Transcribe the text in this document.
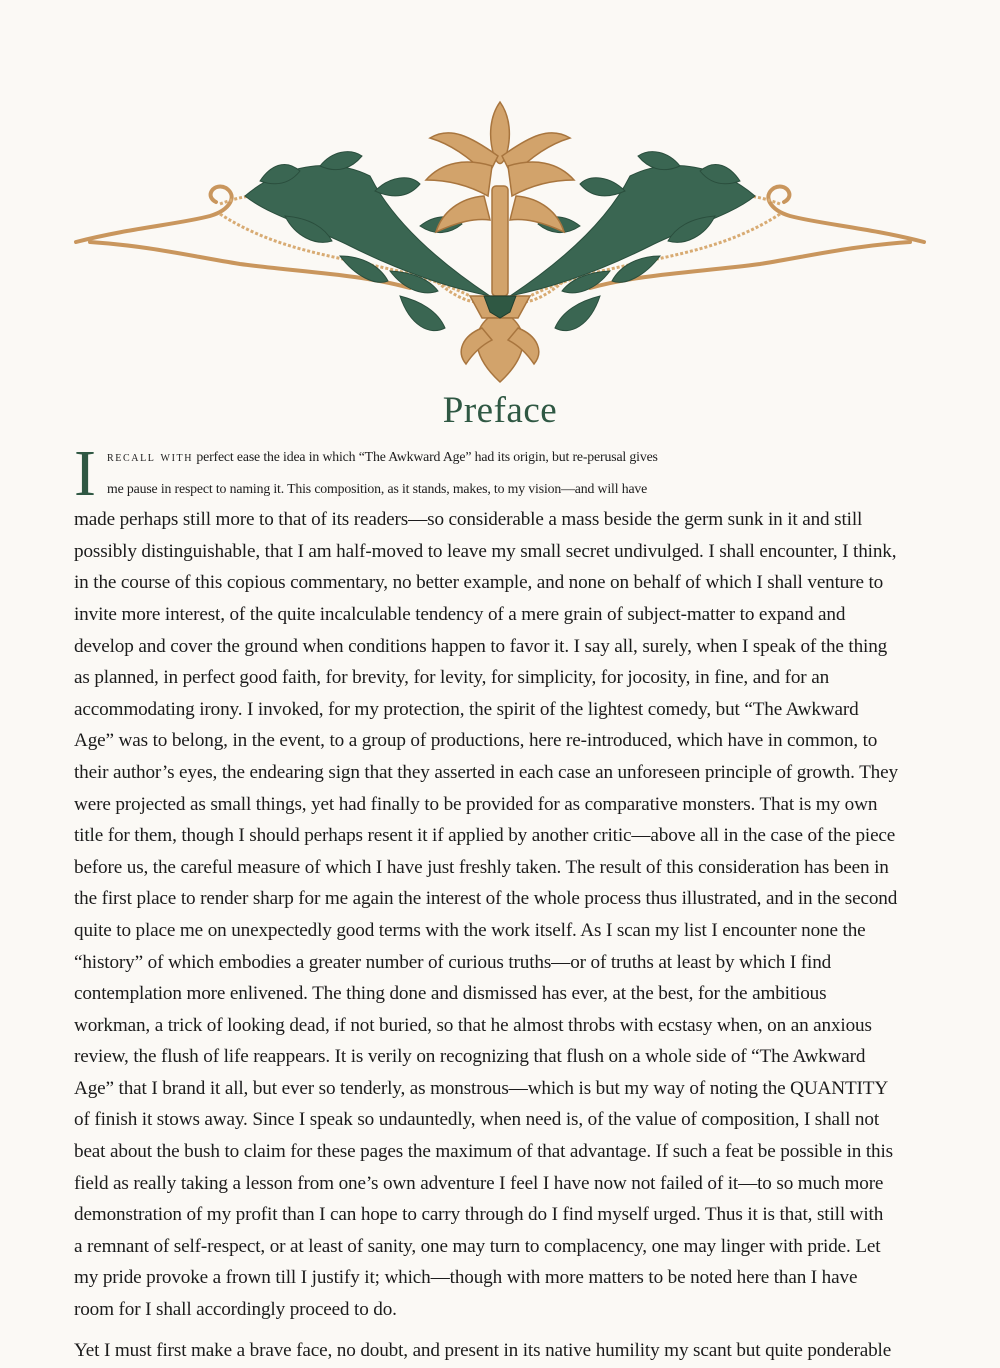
Preface
I recall with perfect ease the idea in which “The Awkward Age” had its origin, but re-perusal gives
me pause in respect to naming it. This composition, as it stands, makes, to my vision—and will have
made perhaps still more to that of its readers—so considerable a mass beside the germ sunk in it and still
possibly distinguishable, that I am half-moved to leave my small secret undivulged. I shall encounter, I think,
in the course of this copious commentary, no better example, and none on behalf of which I shall venture to
invite more interest, of the quite incalculable tendency of a mere grain of subject-matter to expand and
develop and cover the ground when conditions happen to favor it. I say all, surely, when I speak of the thing
as planned, in perfect good faith, for brevity, for levity, for simplicity, for jocosity, in fine, and for an
accommodating irony. I invoked, for my protection, the spirit of the lightest comedy, but “The Awkward
Age” was to belong, in the event, to a group of productions, here re-introduced, which have in common, to
their author’s eyes, the endearing sign that they asserted in each case an unforeseen principle of growth. They
were projected as small things, yet had finally to be provided for as comparative monsters. That is my own
title for them, though I should perhaps resent it if applied by another critic—above all in the case of the piece
before us, the careful measure of which I have just freshly taken. The result of this consideration has been in
the first place to render sharp for me again the interest of the whole process thus illustrated, and in the second
quite to place me on unexpectedly good terms with the work itself. As I scan my list I encounter none the
“history” of which embodies a greater number of curious truths—or of truths at least by which I find
contemplation more enlivened. The thing done and dismissed has ever, at the best, for the ambitious
workman, a trick of looking dead, if not buried, so that he almost throbs with ecstasy when, on an anxious
review, the flush of life reappears. It is verily on recognizing that flush on a whole side of “The Awkward
Age” that I brand it all, but ever so tenderly, as monstrous—which is but my way of noting the QUANTITY
of finish it stows away. Since I speak so undauntedly, when need is, of the value of composition, I shall not
beat about the bush to claim for these pages the maximum of that advantage. If such a feat be possible in this
field as really taking a lesson from one’s own adventure I feel I have now not failed of it—to so much more
demonstration of my profit than I can hope to carry through do I find myself urged. Thus it is that, still with
a remnant of self-respect, or at least of sanity, one may turn to complacency, one may linger with pride. Let
my pride provoke a frown till I justify it; which—though with more matters to be noted here than I have
room for I shall accordingly proceed to do.
Yet I must first make a brave face, no doubt, and present in its native humility my scant but quite ponderable
